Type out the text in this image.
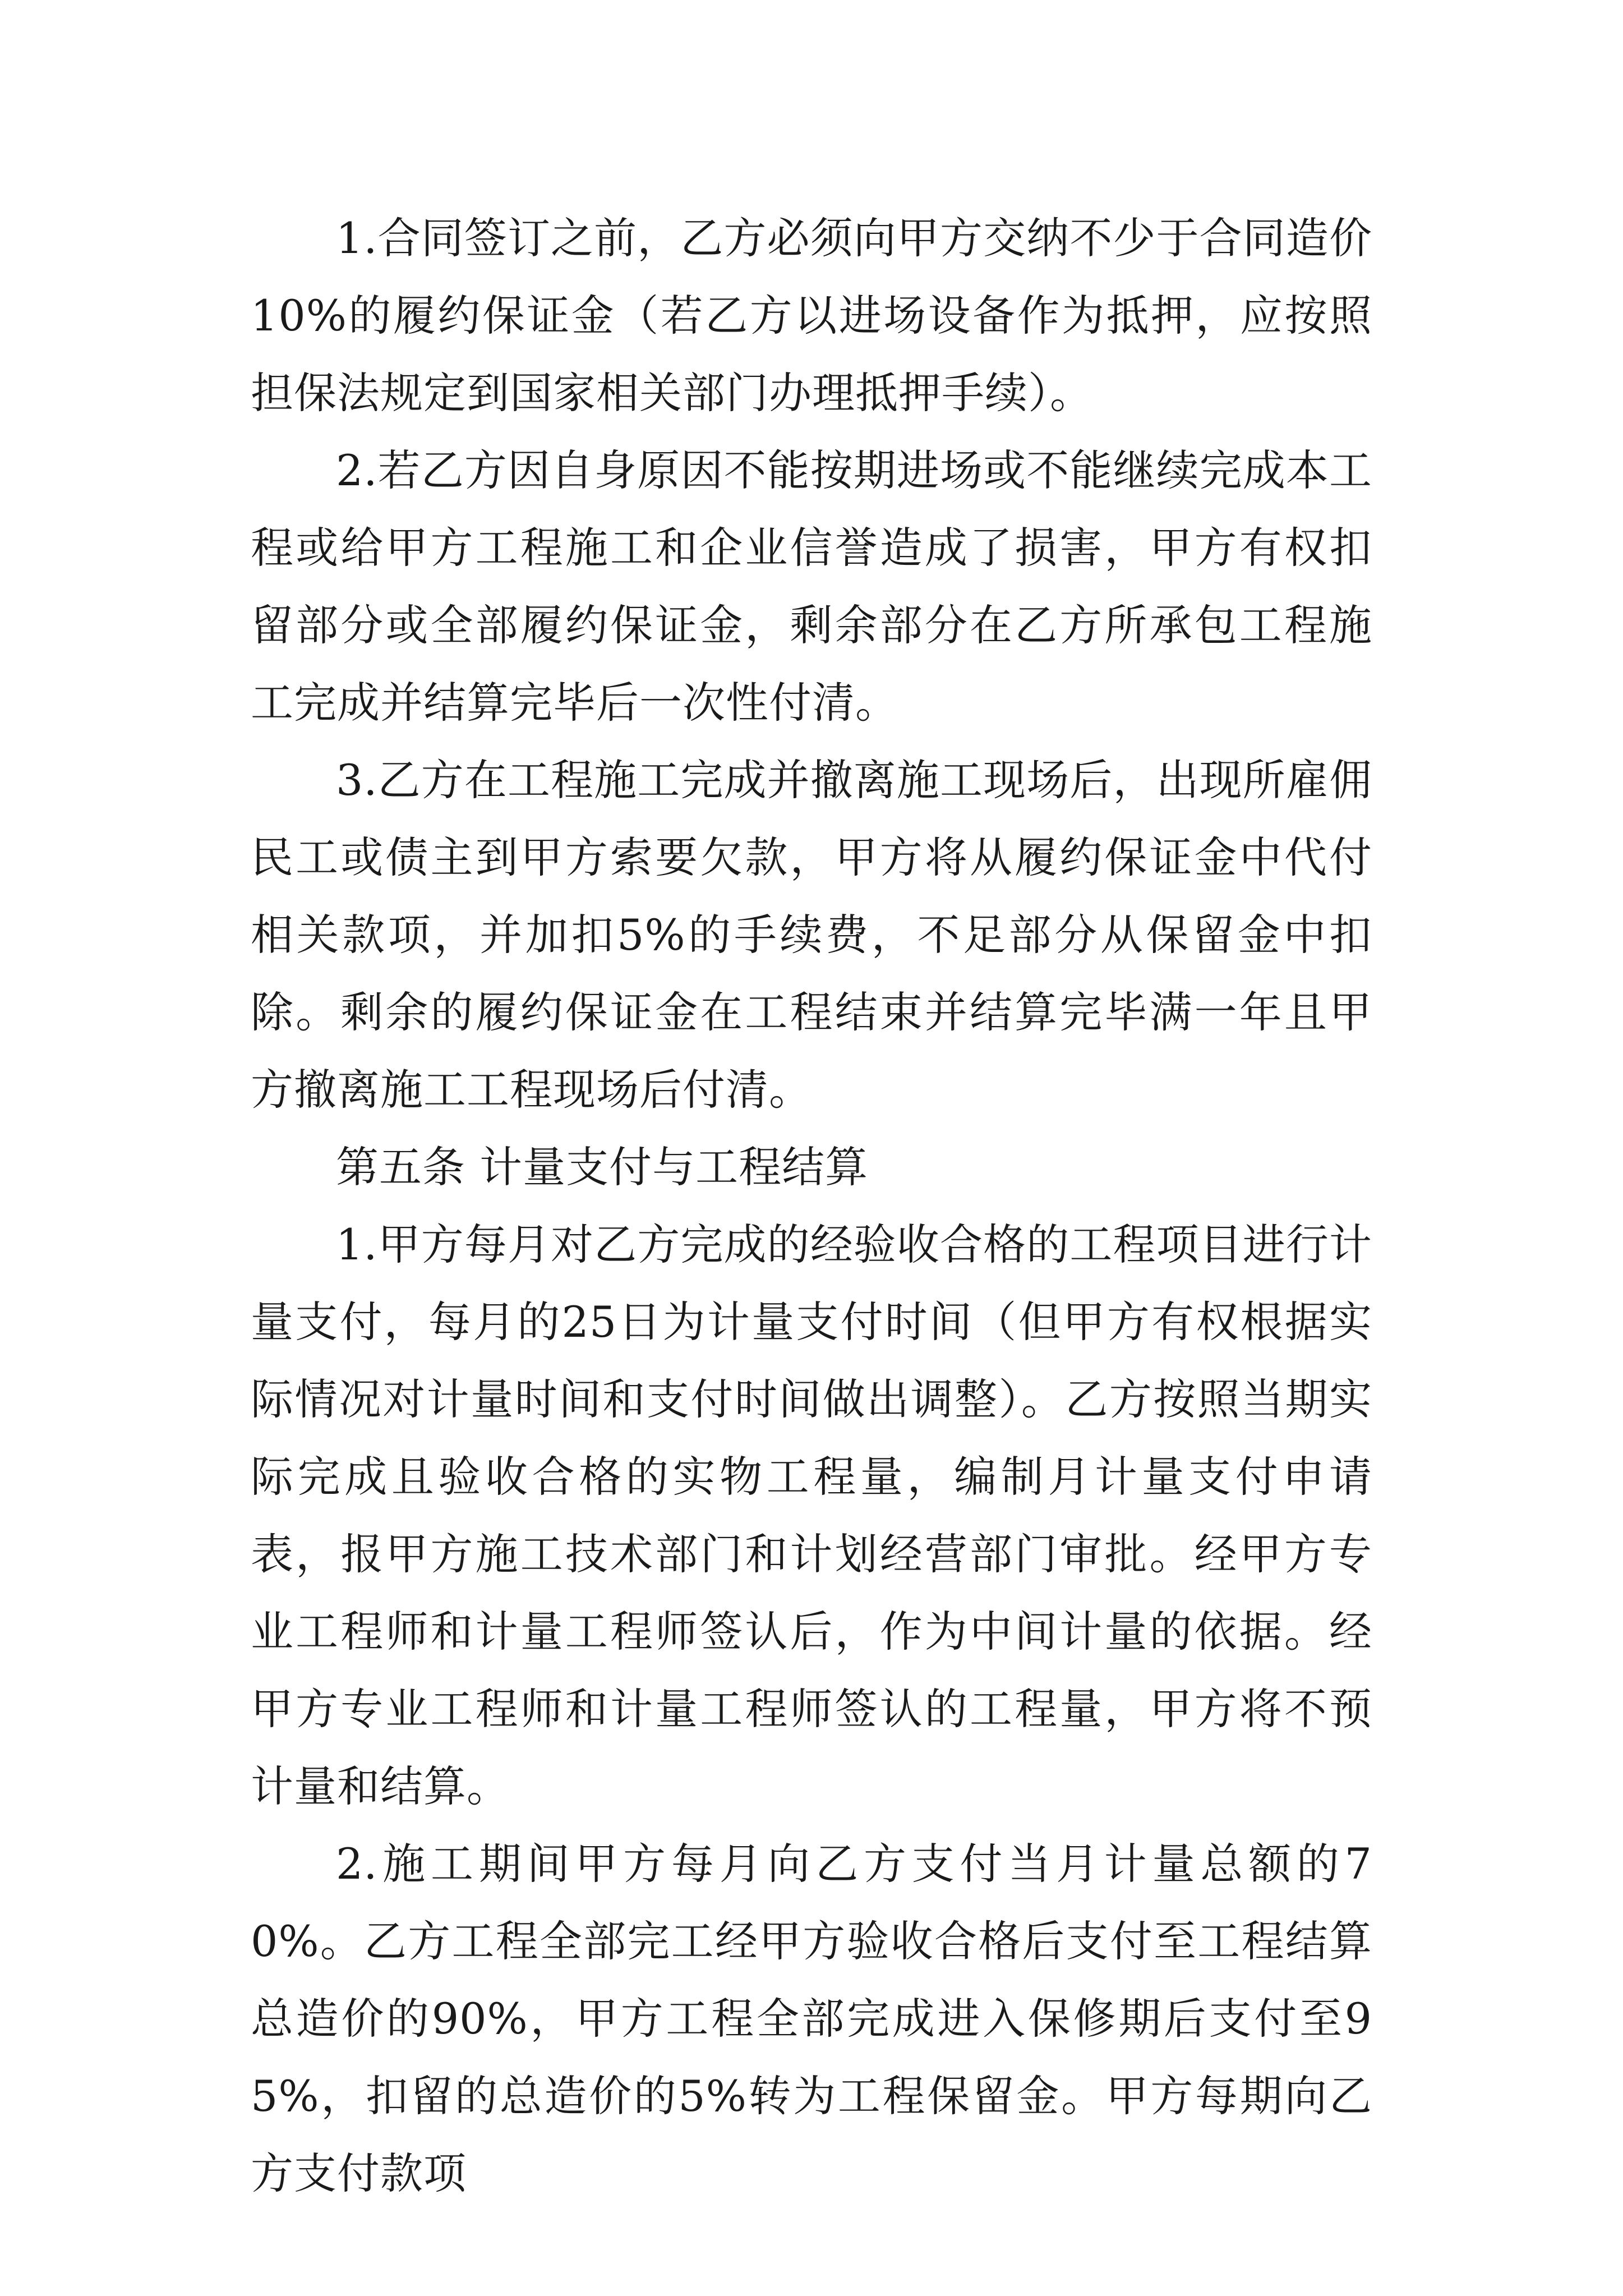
1.合同签订之前，乙方必须向甲方交纳不少于合同造价10%的履约保证金（若乙方以进场设备作为抵押，应按照担保法规定到国家相关部门办理抵押手续）。

2.若乙方因自身原因不能按期进场或不能继续完成本工程或给甲方工程施工和企业信誉造成了损害，甲方有权扣留部分或全部履约保证金，剩余部分在乙方所承包工程施工完成并结算完毕后一次性付清。

3.乙方在工程施工完成并撤离施工现场后，出现所雇佣民工或债主到甲方索要欠款，甲方将从履约保证金中代付相关款项，并加扣5%的手续费，不足部分从保留金中扣除。剩余的履约保证金在工程结束并结算完毕满一年且甲方撤离施工工程现场后付清。

第五条 计量支付与工程结算

1.甲方每月对乙方完成的经验收合格的工程项目进行计量支付，每月的25日为计量支付时间（但甲方有权根据实际情况对计量时间和支付时间做出调整）。乙方按照当期实际完成且验收合格的实物工程量，编制月计量支付申请表，报甲方施工技术部门和计划经营部门审批。经甲方专业工程师和计量工程师签认后，作为中间计量的依据。经甲方专业工程师和计量工程师签认的工程量，甲方将不预计量和结算。

2.施工期间甲方每月向乙方支付当月计量总额的70%。乙方工程全部完工经甲方验收合格后支付至工程结算总造价的90%，甲方工程全部完成进入保修期后支付至95%，扣留的总造价的5%转为工程保留金。甲方每期向乙方支付款项
